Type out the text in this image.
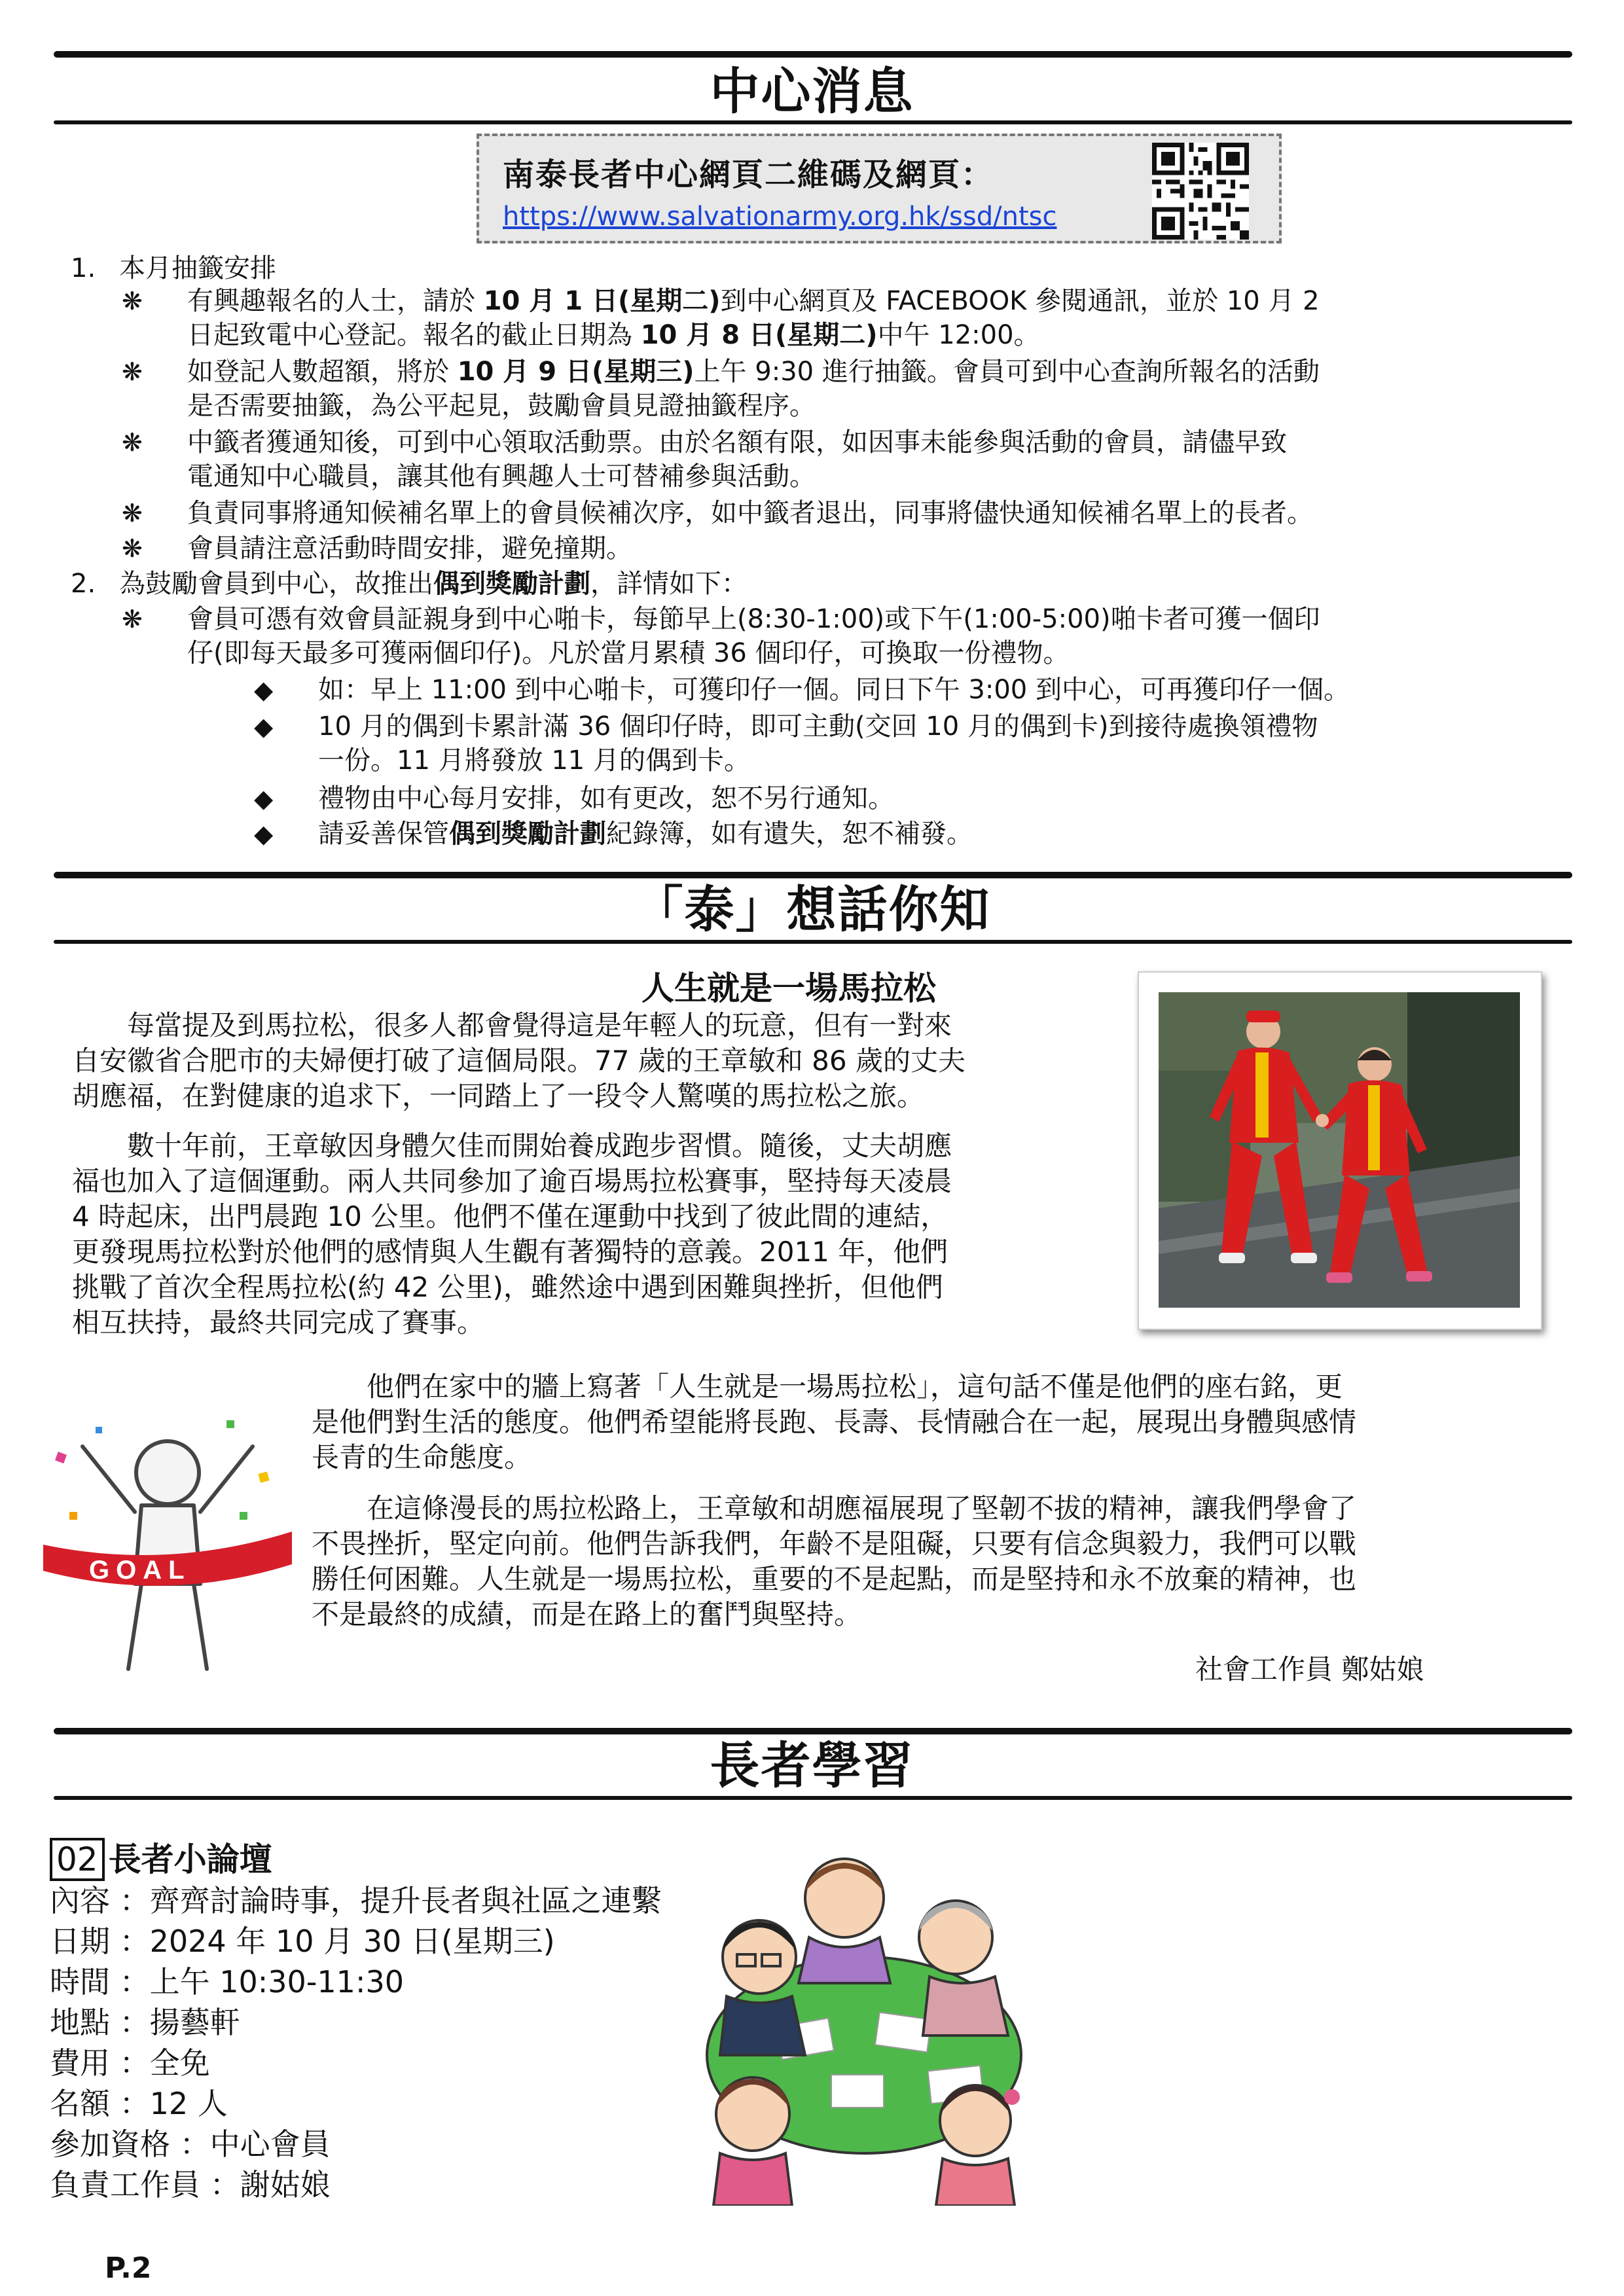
中心消息
南泰長者中心網頁二維碼及網頁：
https://www.salvationarmy.org.hk/ssd/ntsc
1. 本月抽籤安排
❋ 有興趣報名的人士，請於 10 月 1 日(星期二)到中心網頁及 FACEBOOK 參閱通訊，並於 10 月 2
日起致電中心登記。報名的截止日期為 10 月 8 日(星期二)中午 12:00。
❋ 如登記人數超額，將於 10 月 9 日(星期三)上午 9:30 進行抽籤。會員可到中心查詢所報名的活動
是否需要抽籤，為公平起見，鼓勵會員見證抽籤程序。
❋ 中籤者獲通知後，可到中心領取活動票。由於名額有限，如因事未能參與活動的會員，請儘早致
電通知中心職員，讓其他有興趣人士可替補參與活動。
❋ 負責同事將通知候補名單上的會員候補次序，如中籤者退出，同事將儘快通知候補名單上的長者。
❋ 會員請注意活動時間安排，避免撞期。
2. 為鼓勵會員到中心，故推出偶到獎勵計劃，詳情如下：
❋ 會員可憑有效會員証親身到中心啪卡，每節早上(8:30-1:00)或下午(1:00-5:00)啪卡者可獲一個印
仔(即每天最多可獲兩個印仔)。凡於當月累積 36 個印仔，可換取一份禮物。
◆ 如：早上 11:00 到中心啪卡，可獲印仔一個。同日下午 3:00 到中心，可再獲印仔一個。
◆ 10 月的偶到卡累計滿 36 個印仔時，即可主動(交回 10 月的偶到卡)到接待處換領禮物
一份。11 月將發放 11 月的偶到卡。
◆ 禮物由中心每月安排，如有更改，恕不另行通知。
◆ 請妥善保管偶到獎勵計劃紀錄簿，如有遺失，恕不補發。
「泰」想話你知
人生就是一場馬拉松

　　每當提及到馬拉松，很多人都會覺得這是年輕人的玩意，但有一對來

自安徽省合肥市的夫婦便打破了這個局限。77 歲的王章敏和 86 歲的丈夫

胡應福，在對健康的追求下，一同踏上了一段令人驚嘆的馬拉松之旅。

　　數十年前，王章敏因身體欠佳而開始養成跑步習慣。隨後，丈夫胡應

福也加入了這個運動。兩人共同參加了逾百場馬拉松賽事，堅持每天凌晨

4 時起床，出門晨跑 10 公里。他們不僅在運動中找到了彼此間的連結，

更發現馬拉松對於他們的感情與人生觀有著獨特的意義。2011 年，他們

挑戰了首次全程馬拉松(約 42 公里)，雖然途中遇到困難與挫折，但他們

相互扶持，最終共同完成了賽事。

　　他們在家中的牆上寫著「人生就是一場馬拉松」，這句話不僅是他們的座右銘，更

是他們對生活的態度。他們希望能將長跑、長壽、長情融合在一起，展現出身體與感情

長青的生命態度。

　　在這條漫長的馬拉松路上，王章敏和胡應福展現了堅韌不拔的精神，讓我們學會了

不畏挫折，堅定向前。他們告訴我們，年齡不是阻礙，只要有信念與毅力，我們可以戰

勝任何困難。人生就是一場馬拉松，重要的不是起點，而是堅持和永不放棄的精神，也

不是最終的成績，而是在路上的奮鬥與堅持。

社會工作員 鄭姑娘
GOAL
長者學習
02 長者小論壇
內容 ：齊齊討論時事，提升長者與社區之連繫
日期 ：2024 年 10 月 30 日(星期三)
時間 ：上午 10:30-11:30
地點 ：揚藝軒
費用 ：全免
名額 ：12 人
參加資格 ：中心會員
負責工作員 ：謝姑娘
P.2
